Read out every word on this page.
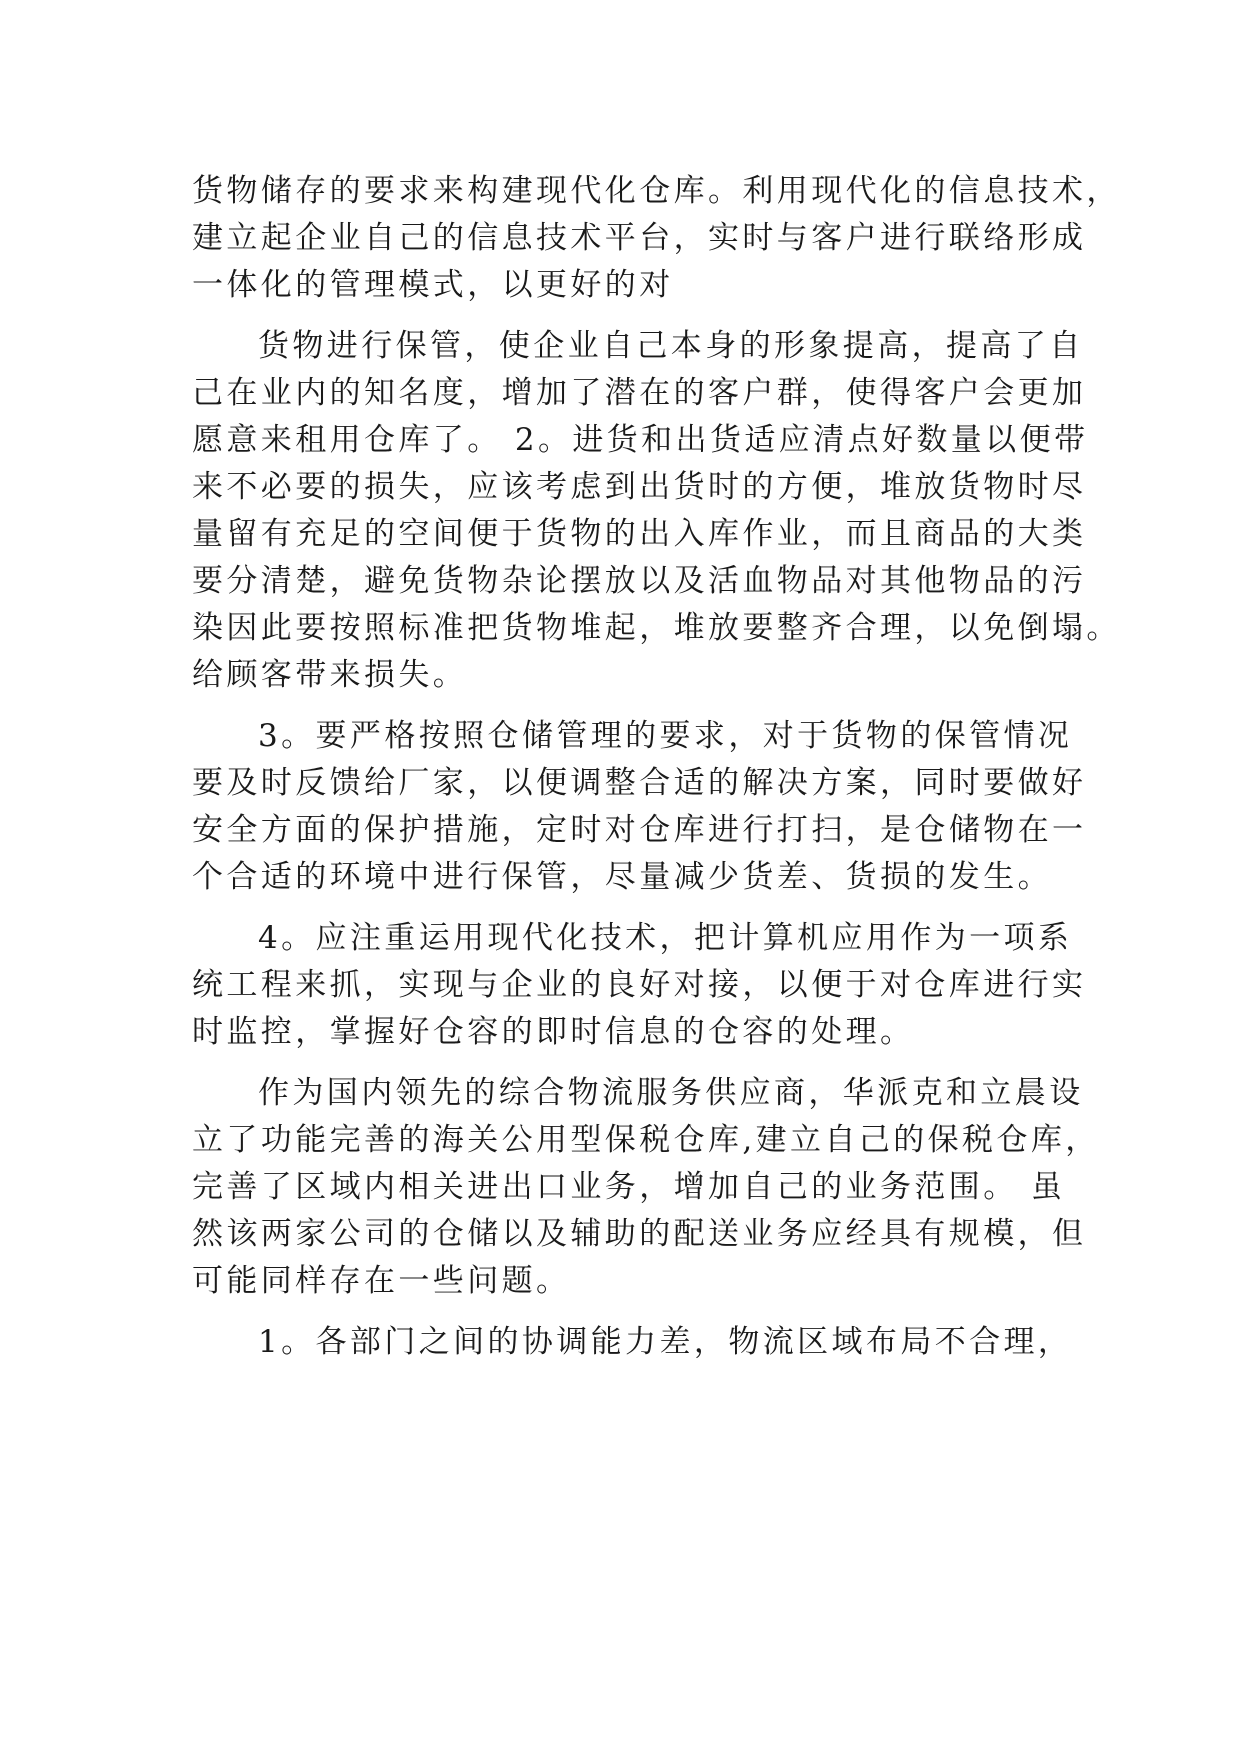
货物储存的要求来构建现代化仓库。利用现代化的信息技术，
建立起企业自己的信息技术平台，实时与客户进行联络形成
一体化的管理模式，以更好的对
货物进行保管，使企业自己本身的形象提高，提高了自
己在业内的知名度，增加了潜在的客户群，使得客户会更加
愿意来租用仓库了。 2。进货和出货适应清点好数量以便带
来不必要的损失，应该考虑到出货时的方便，堆放货物时尽
量留有充足的空间便于货物的出入库作业，而且商品的大类
要分清楚，避免货物杂论摆放以及活血物品对其他物品的污
染因此要按照标准把货物堆起，堆放要整齐合理，以免倒塌。
给顾客带来损失。
3。要严格按照仓储管理的要求，对于货物的保管情况
要及时反馈给厂家，以便调整合适的解决方案，同时要做好
安全方面的保护措施，定时对仓库进行打扫，是仓储物在一
个合适的环境中进行保管，尽量减少货差、货损的发生。
4。应注重运用现代化技术，把计算机应用作为一项系
统工程来抓，实现与企业的良好对接，以便于对仓库进行实
时监控，掌握好仓容的即时信息的仓容的处理。
作为国内领先的综合物流服务供应商，华派克和立晨设
立了功能完善的海关公用型保税仓库,建立自己的保税仓库，
完善了区域内相关进出口业务，增加自己的业务范围。 虽
然该两家公司的仓储以及辅助的配送业务应经具有规模，但
可能同样存在一些问题。
1。各部门之间的协调能力差，物流区域布局不合理，
